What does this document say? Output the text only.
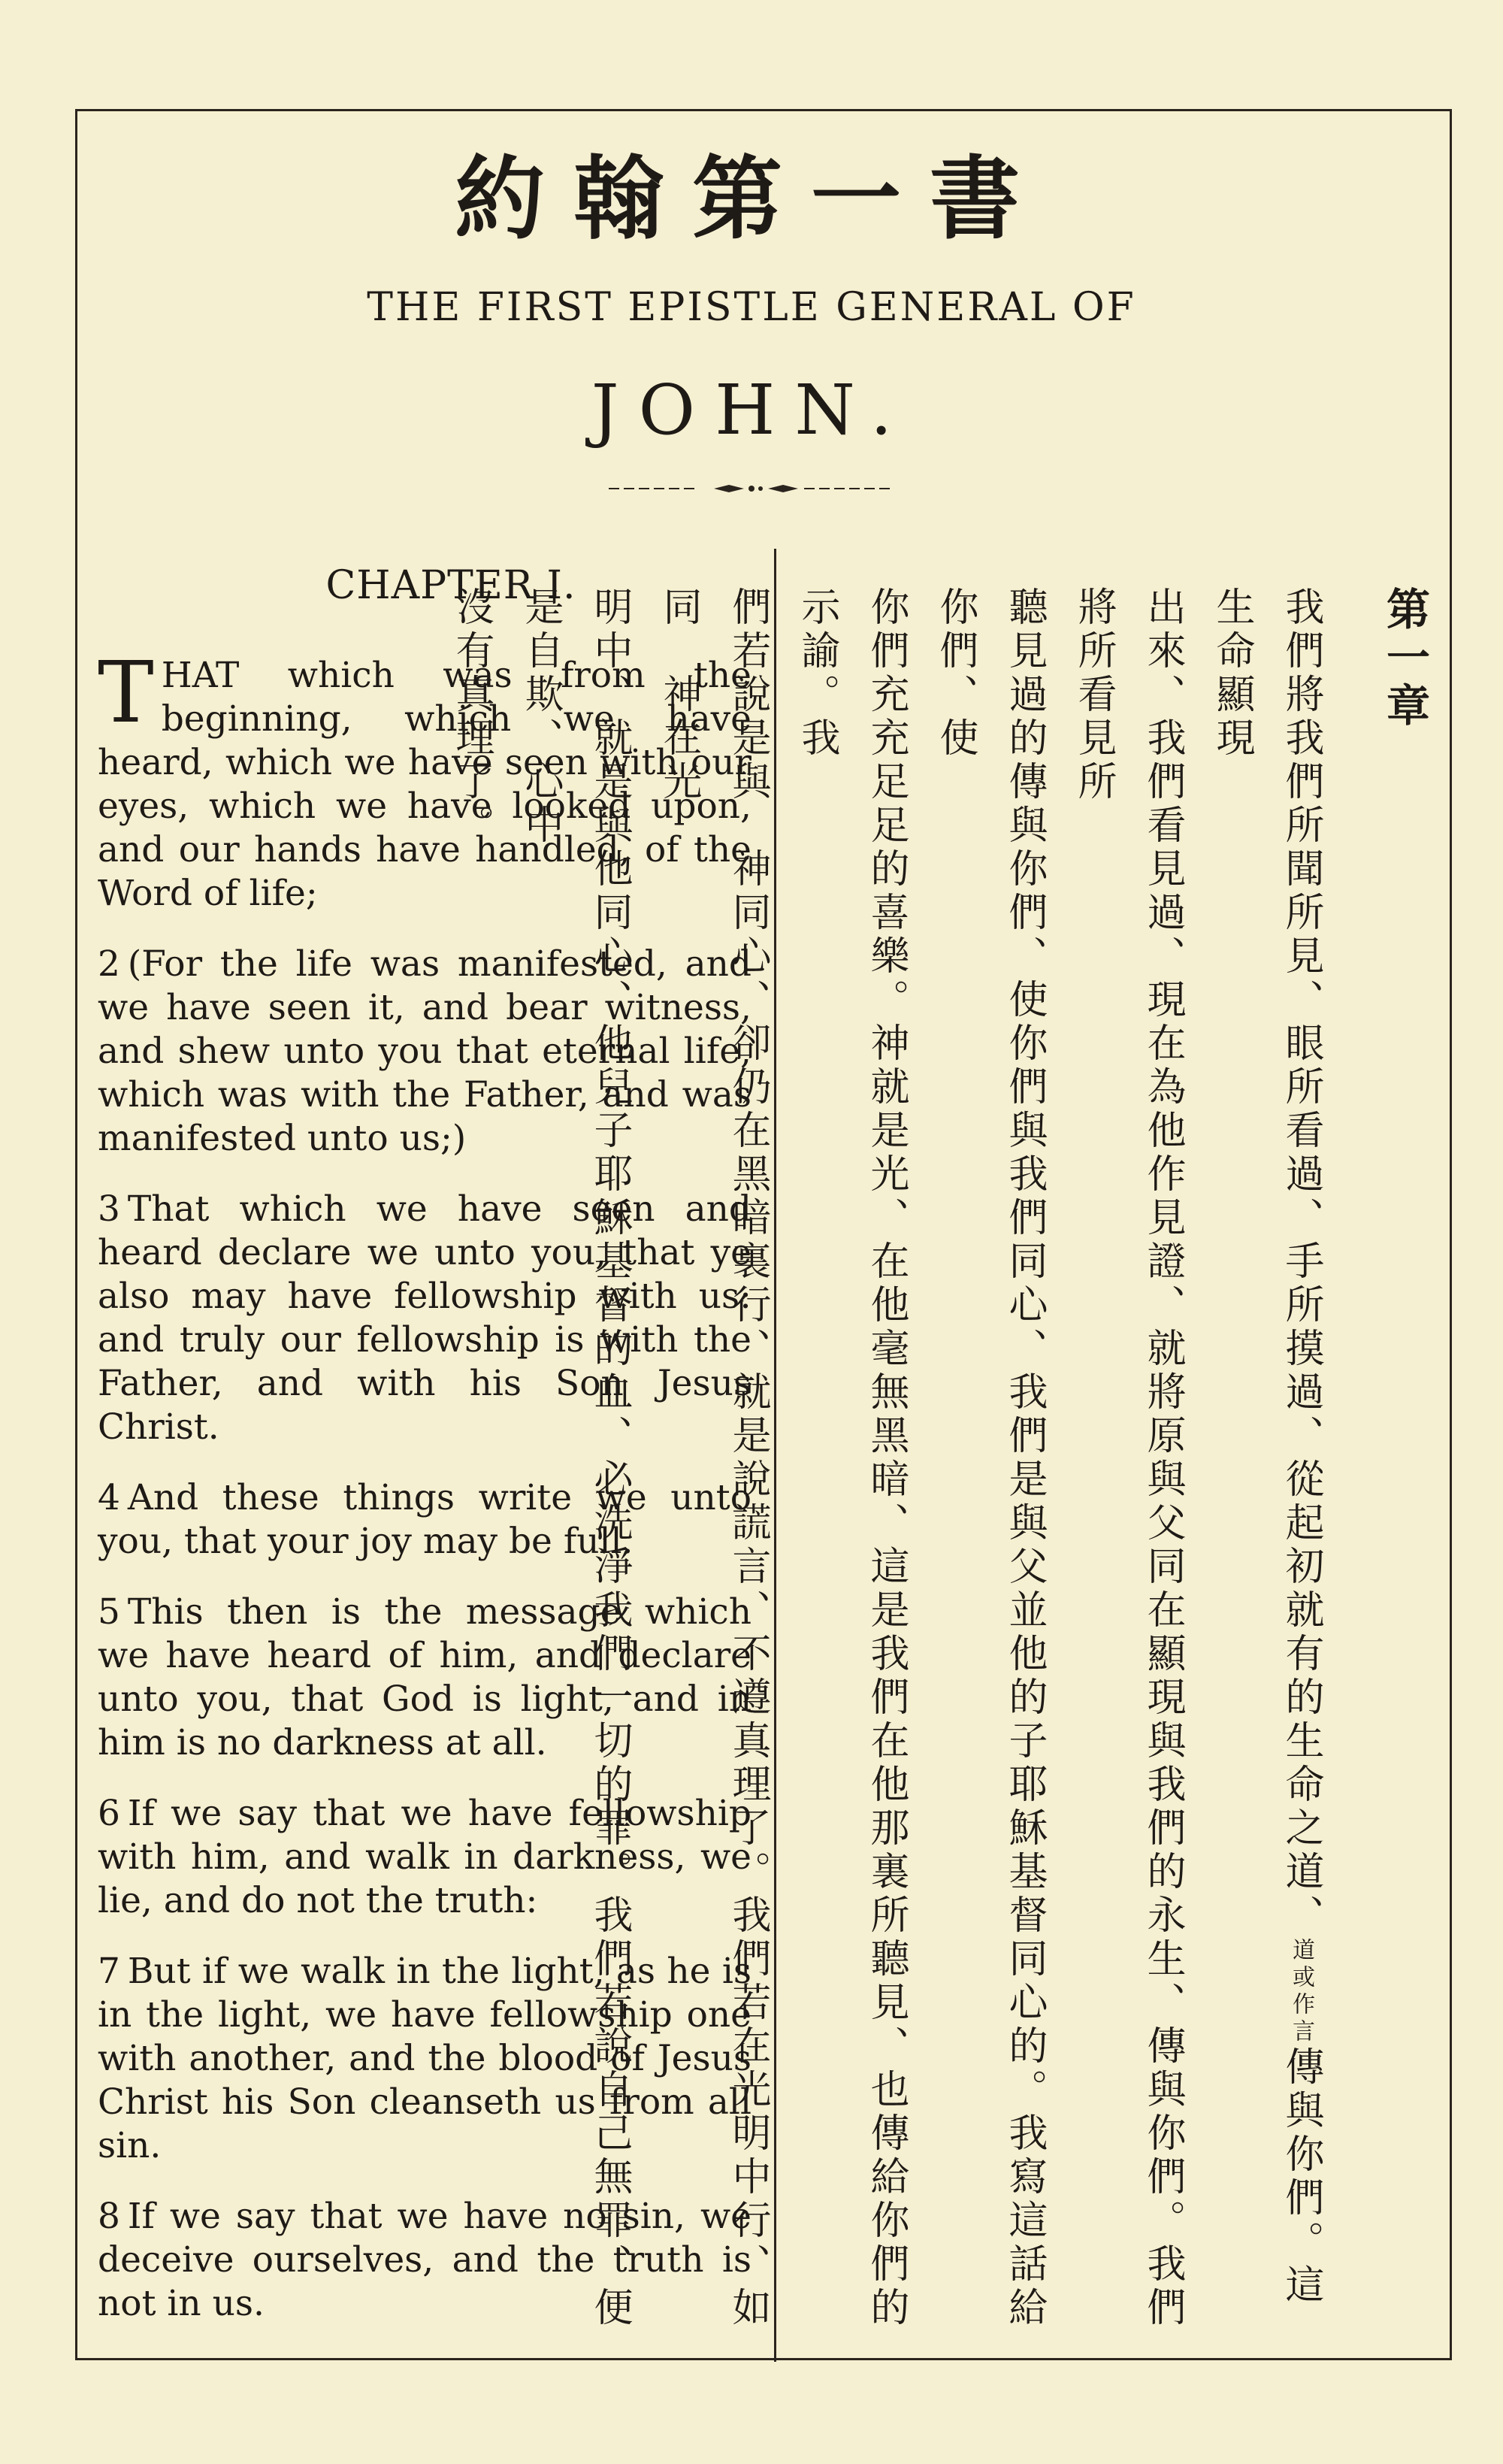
約翰第一書
THE FIRST EPISTLE GENERAL OF
JOHN.
CHAPTER I.

THAT which was from the beginning, which we have heard, which we have seen with our eyes, which we have looked upon, and our hands have handled, of the Word of life;

2 (For the life was manifested, and we have seen it, and bear witness, and shew unto you that eternal life, which was with the Father, and was manifested unto us;)

3 That which we have seen and heard declare we unto you, that ye also may have fellowship with us: and truly our fellowship is with the Father, and with his Son Jesus Christ.

4 And these things write we unto you, that your joy may be full.

5 This then is the message which we have heard of him, and declare unto you, that God is light, and in him is no darkness at all.

6 If we say that we have fellowship with him, and walk in darkness, we lie, and do not the truth:

7 But if we walk in the light, as he is in the light, we have fellowship one with another, and the blood of Jesus Christ his Son cleanseth us from all sin.

8 If we say that we have no sin, we deceive ourselves, and the truth is not in us.

第一章
我們將我們所聞所見、眼所看過、手所摸過、從起初就有的生命之道、道或作言傳與你們。這生命顯現
出來、我們看見過、現在為他作見證、就將原與父同在顯現與我們的永生、傳與你們。我們將所看見所
聽見過的傳與你們、使你們與我們同心、我們是與父並他的子耶穌基督同心的。我寫這話給你們、使
你們充充足足的喜樂。神就是光、在他毫無黑暗、這是我們在他那裏所聽見、也傳給你們的示諭。我
們若說是與　神同心、卻仍在黑暗裏行、就是說謊言、不遵真理了。我們若在光明中行、如同　神在光
明中、就是與他同心、他兒子耶穌基督的血、必洗淨我們一切的罪。我們若說自己無罪、便是自欺、心中
沒有真理了。
